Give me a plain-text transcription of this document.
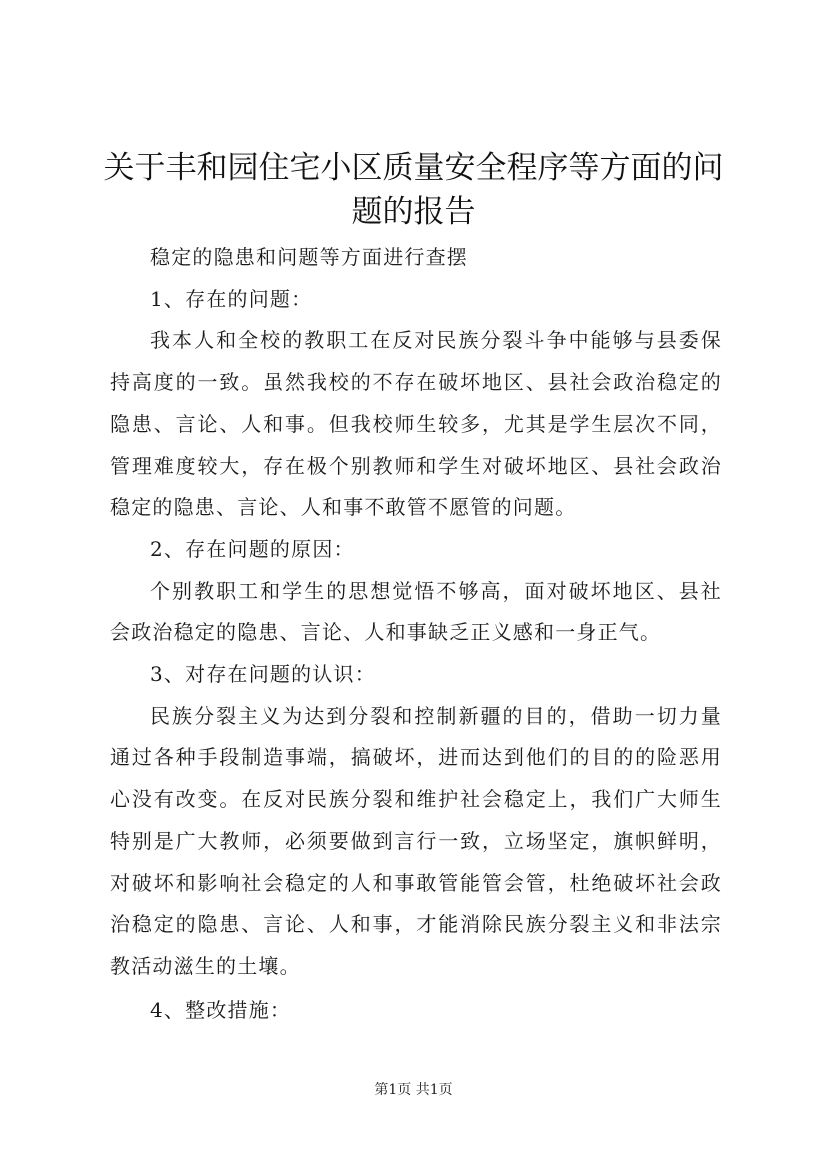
关于丰和园住宅小区质量安全程序等方面的问题的报告

稳定的隐患和问题等方面进行查摆

1、存在的问题：

我本人和全校的教职工在反对民族分裂斗争中能够与县委保持高度的一致。虽然我校的不存在破坏地区、县社会政治稳定的隐患、言论、人和事。但我校师生较多，尤其是学生层次不同，管理难度较大，存在极个别教师和学生对破坏地区、县社会政治稳定的隐患、言论、人和事不敢管不愿管的问题。

2、存在问题的原因：

个别教职工和学生的思想觉悟不够高，面对破坏地区、县社会政治稳定的隐患、言论、人和事缺乏正义感和一身正气。

3、对存在问题的认识：

民族分裂主义为达到分裂和控制新疆的目的，借助一切力量通过各种手段制造事端，搞破坏，进而达到他们的目的的险恶用心没有改变。在反对民族分裂和维护社会稳定上，我们广大师生特别是广大教师，必须要做到言行一致，立场坚定，旗帜鲜明，对破坏和影响社会稳定的人和事敢管能管会管，杜绝破坏社会政治稳定的隐患、言论、人和事，才能消除民族分裂主义和非法宗教活动滋生的土壤。

4、整改措施：

第1页 共1页
